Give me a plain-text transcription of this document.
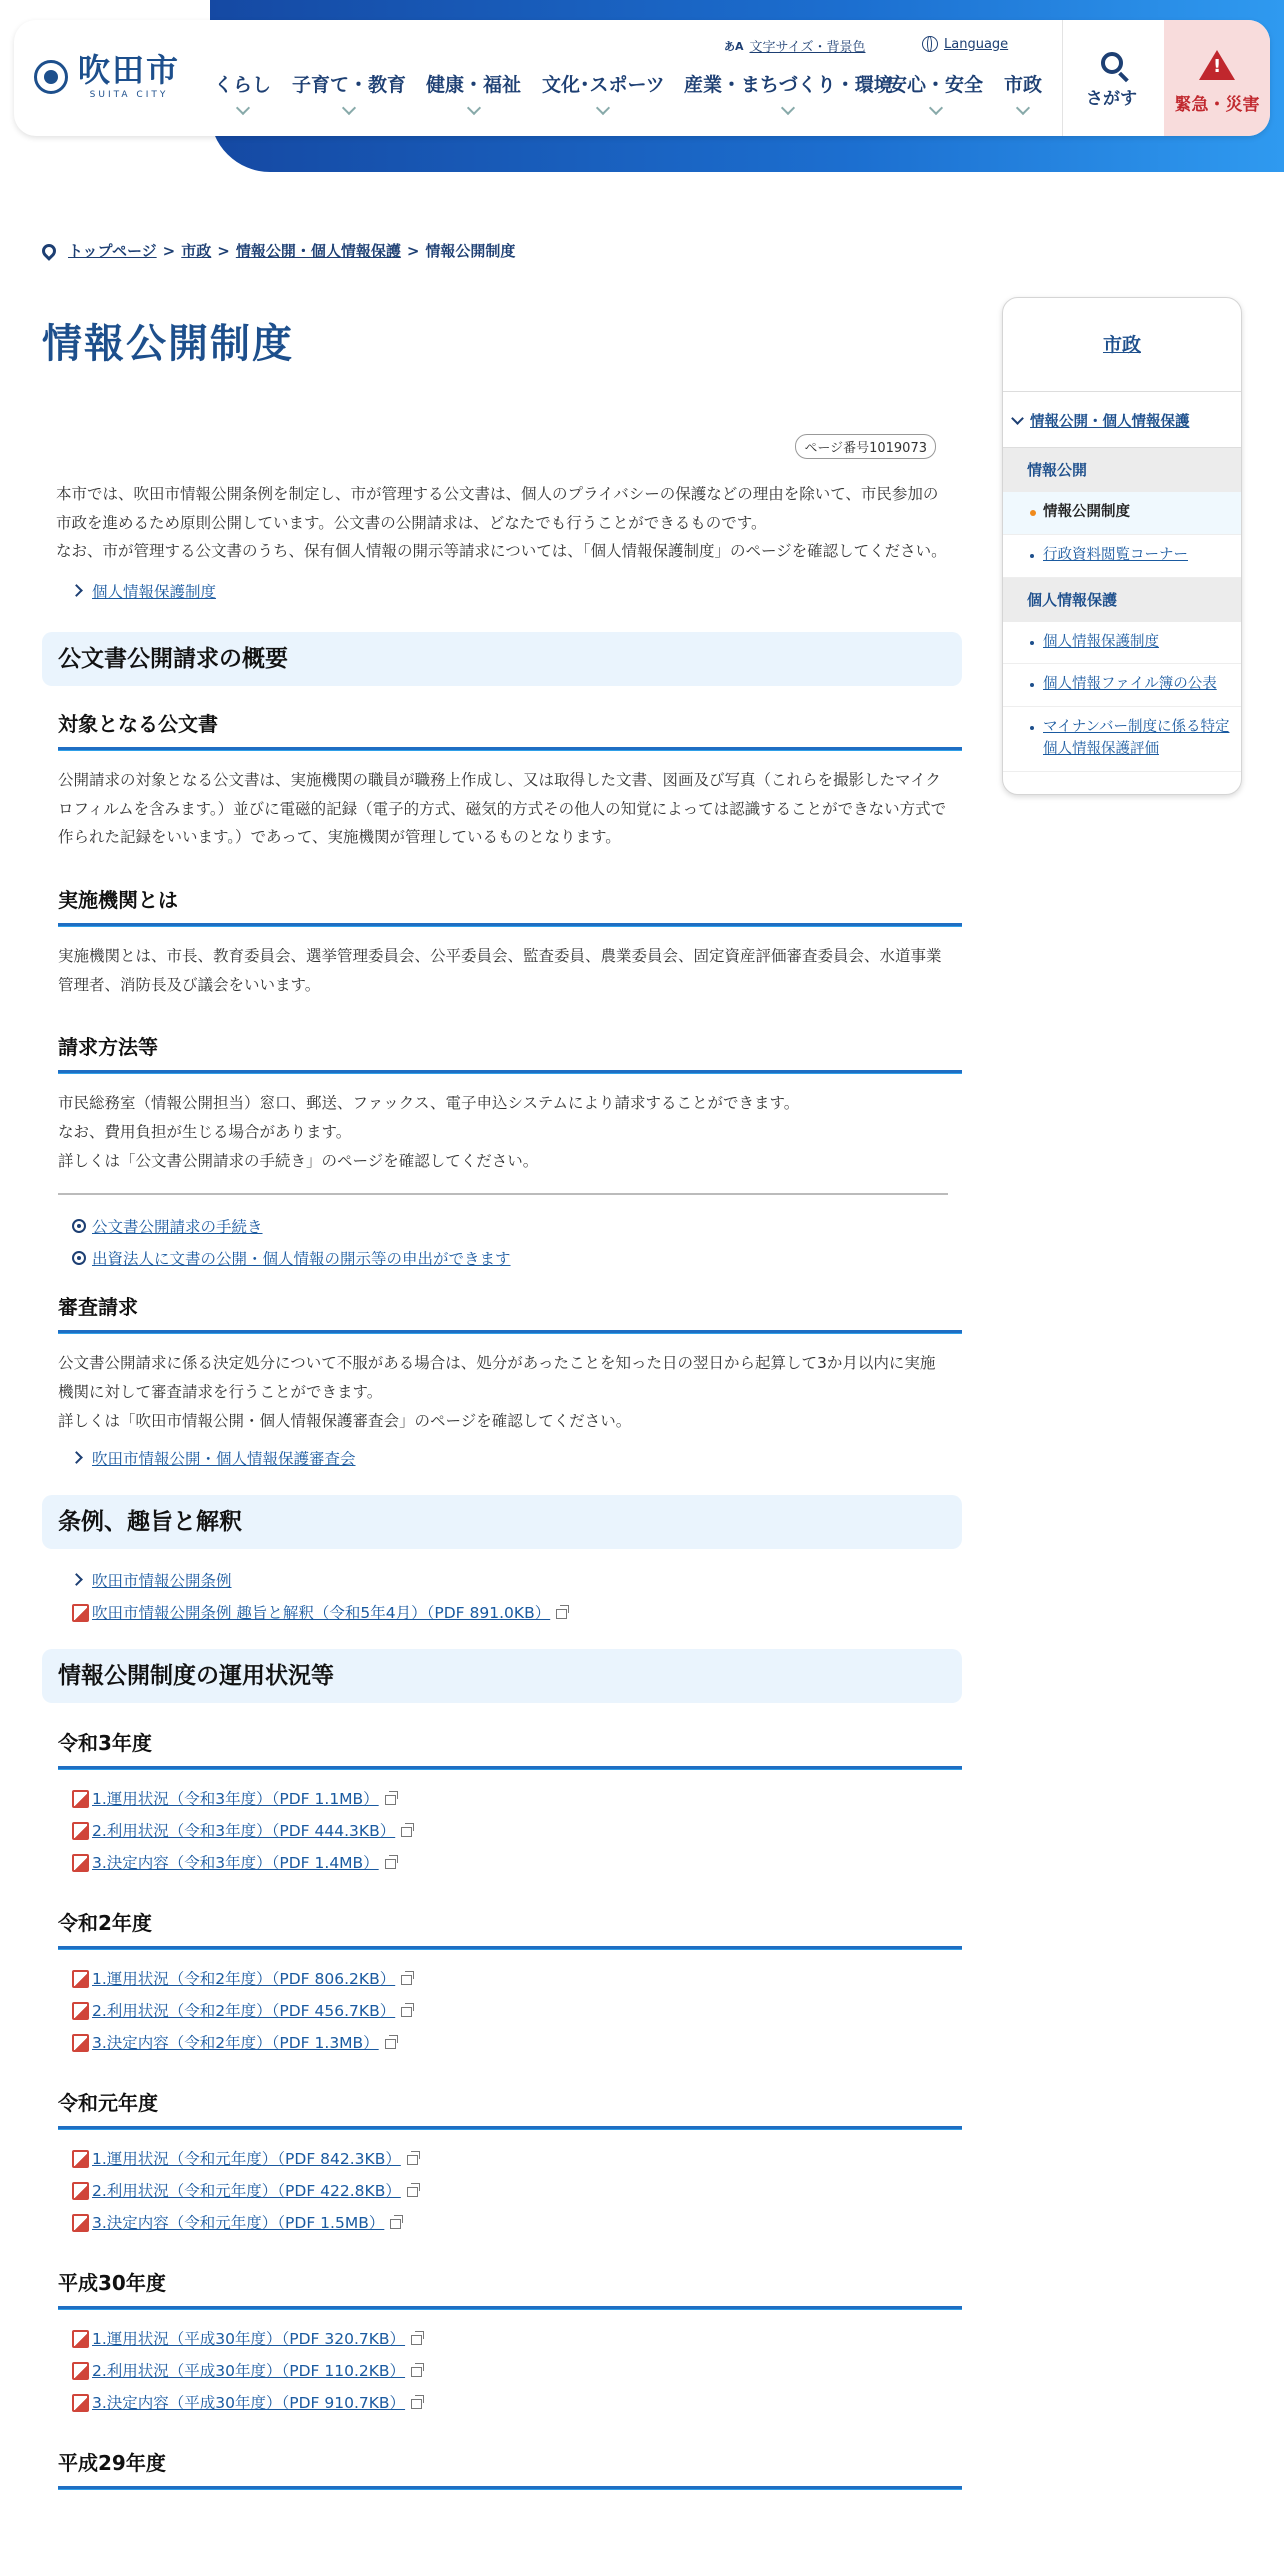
吹田市
SUITA CITY
あA 文字サイズ・背景色	Language
くらし 子育て・教育 健康・福祉 文化･スポーツ 産業・まちづくり・環境
安心・安全 市政
さがす
!	緊急・災害
トップページ > 市政 > 情報公開・個人情報保護 > 情報公開制度
情報公開制度
ページ番号1019073

本市では、吹田市情報公開条例を制定し、市が管理する公文書は、個人のプライバシーの保護などの理由を除いて、市民参加の市政を進めるため原則公開しています。公文書の公開請求は、どなたでも行うことができるものです。

なお、市が管理する公文書のうち、保有個人情報の開示等請求については、「個人情報保護制度」のページを確認してください。

個人情報保護制度
公文書公開請求の概要
対象となる公文書

公開請求の対象となる公文書は、実施機関の職員が職務上作成し、又は取得した文書、図画及び写真（これらを撮影したマイクロフィルムを含みます。）並びに電磁的記録（電子的方式、磁気的方式その他人の知覚によっては認識することができない方式で作られた記録をいいます。）であって、実施機関が管理しているものとなります。

実施機関とは

実施機関とは、市長、教育委員会、選挙管理委員会、公平委員会、監査委員、農業委員会、固定資産評価審査委員会、水道事業管理者、消防長及び議会をいいます。

請求方法等

市民総務室（情報公開担当）窓口、郵送、ファックス、電子申込システムにより請求することができます。

なお、費用負担が生じる場合があります。

詳しくは「公文書公開請求の手続き」のページを確認してください。

公文書公開請求の手続き
出資法人に文書の公開・個人情報の開示等の申出ができます
審査請求

公文書公開請求に係る決定処分について不服がある場合は、処分があったことを知った日の翌日から起算して3か月以内に実施機関に対して審査請求を行うことができます。

詳しくは「吹田市情報公開・個人情報保護審査会」のページを確認してください。

吹田市情報公開・個人情報保護審査会
条例、趣旨と解釈
吹田市情報公開条例
吹田市情報公開条例 趣旨と解釈（令和5年4月）（PDF 891.0KB）
情報公開制度の運用状況等
令和3年度
1.運用状況（令和3年度）（PDF 1.1MB）
2.利用状況（令和3年度）（PDF 444.3KB）
3.決定内容（令和3年度）（PDF 1.4MB）
令和2年度
1.運用状況（令和2年度）（PDF 806.2KB）
2.利用状況（令和2年度）（PDF 456.7KB）
3.決定内容（令和2年度）（PDF 1.3MB）
令和元年度
1.運用状況（令和元年度）（PDF 842.3KB）
2.利用状況（令和元年度）（PDF 422.8KB）
3.決定内容（令和元年度）（PDF 1.5MB）
平成30年度
1.運用状況（平成30年度）（PDF 320.7KB）
2.利用状況（平成30年度）（PDF 110.2KB）
3.決定内容（平成30年度）（PDF 910.7KB）
平成29年度
市政
情報公開・個人情報保護
情報公開
情報公開制度
行政資料閲覧コーナー
個人情報保護
個人情報保護制度
個人情報ファイル簿の公表
マイナンバー制度に係る特定個人情報保護評価
